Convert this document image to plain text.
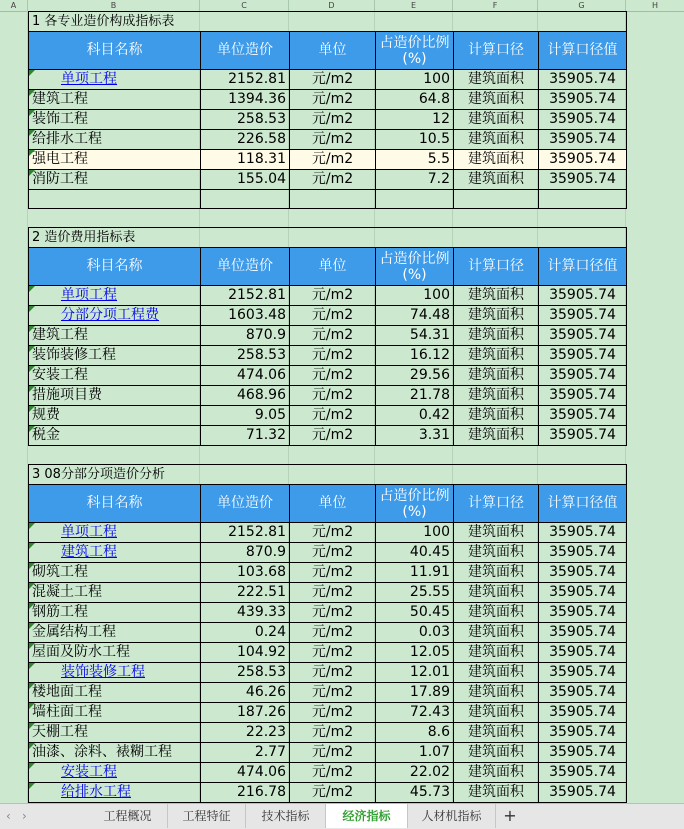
A	B	C	D	E	F	G	H
1 各专业造价构成指标表					
科目名称	单位造价	单位	占造价比例(%)	计算口径	计算口径值
单项工程	2152.81	元/m2	100	建筑面积	35905.74
建筑工程	1394.36	元/m2	64.8	建筑面积	35905.74
装饰工程	258.53	元/m2	12	建筑面积	35905.74
给排水工程	226.58	元/m2	10.5	建筑面积	35905.74
强电工程	118.31	元/m2	5.5	建筑面积	35905.74
消防工程	155.04	元/m2	7.2	建筑面积	35905.74

2 造价费用指标表					
科目名称	单位造价	单位	占造价比例(%)	计算口径	计算口径值
单项工程	2152.81	元/m2	100	建筑面积	35905.74
分部分项工程费	1603.48	元/m2	74.48	建筑面积	35905.74
建筑工程	870.9	元/m2	54.31	建筑面积	35905.74
装饰装修工程	258.53	元/m2	16.12	建筑面积	35905.74
安装工程	474.06	元/m2	29.56	建筑面积	35905.74
措施项目费	468.96	元/m2	21.78	建筑面积	35905.74
规费	9.05	元/m2	0.42	建筑面积	35905.74
税金	71.32	元/m2	3.31	建筑面积	35905.74

3 08分部分项造价分析					
科目名称	单位造价	单位	占造价比例(%)	计算口径	计算口径值
单项工程	2152.81	元/m2	100	建筑面积	35905.74
建筑工程	870.9	元/m2	40.45	建筑面积	35905.74
砌筑工程	103.68	元/m2	11.91	建筑面积	35905.74
混凝土工程	222.51	元/m2	25.55	建筑面积	35905.74
钢筋工程	439.33	元/m2	50.45	建筑面积	35905.74
金属结构工程	0.24	元/m2	0.03	建筑面积	35905.74
屋面及防水工程	104.92	元/m2	12.05	建筑面积	35905.74
装饰装修工程	258.53	元/m2	12.01	建筑面积	35905.74
楼地面工程	46.26	元/m2	17.89	建筑面积	35905.74
墙柱面工程	187.26	元/m2	72.43	建筑面积	35905.74
天棚工程	22.23	元/m2	8.6	建筑面积	35905.74
油漆、涂料、裱糊工程	2.77	元/m2	1.07	建筑面积	35905.74
安装工程	474.06	元/m2	22.02	建筑面积	35905.74
给排水工程	216.78	元/m2	45.73	建筑面积	35905.74
‹ ›	工程概况	工程特征	技术指标	经济指标	人材机指标	+
